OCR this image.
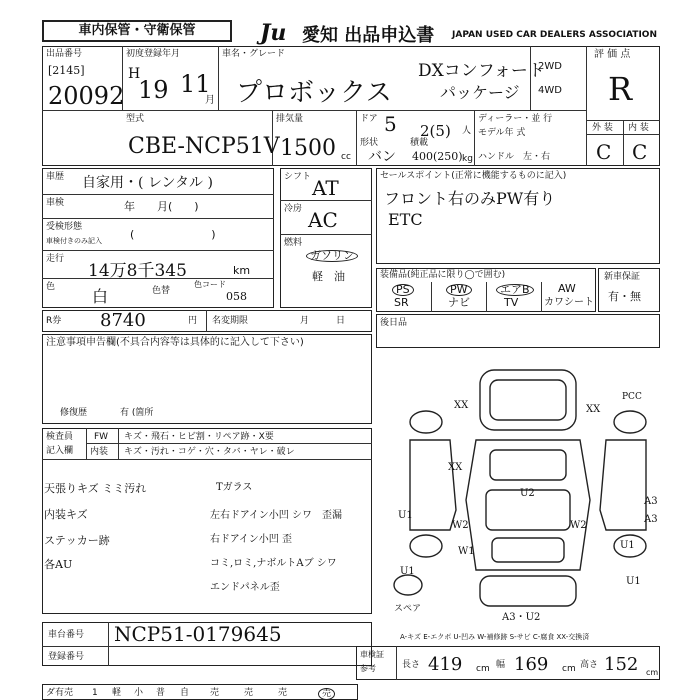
車内保管・守衛保管	Ju 愛知 出品申込書 JAPAN USED CAR DEALERS ASSOCIATION
出品番号
[2145]
20092
初度登録年月
H
19 11
月
車名・グレード
プロボックス
DXコンフォート
パッケージ
2WD
4WD
評 価 点
R
型式
CBE-NCP51V
排気量
1500 cc
ドア 5
形状
バン
2(5) 人
積載
400(250) kg
ディーラー・並 行
モデル年 式
ハンドル　左・右
外 装 内 装
C C
車歴 自家用・( レンタル )
車検	年　　月(　　)
受検形態
車検付きのみ記入	(　　　　　　　)
走行
14万8千345	km
色 白	色替
色コード
058
シフト AT
冷房 AC
燃料
ガソリン
軽　油
セールスポイント(正常に機能するものに記入)
フロント右のみPW有り
ETC
装備品(純正品に限り◯で囲む)
PS	PW	エアB	AW
SR	ナビ	TV	カワシート
新車保証
有・無
R券 8740	円 名変期限	月　　　日	後日品
注意事項申告欄(不具合内容等は具体的に記入して下さい)
修復歴	有 (箇所
検査員
記入欄
FW キズ・飛石・ヒビ割・リペア跡・X要
内装 キズ・汚れ・コゲ・穴・タバ・ヤレ・破レ
天張りキズ ミミ汚れ
内装キズ
ステッカー跡
各AU
Tガラス
左右ドアイン小凹 シワ　歪漏
右ドアイン小凹 歪
コミ,ロミ,ナボルトAブ シワ
エンドパネル歪
XX	XX
PCC
XX
U2
U1
W2	W2
W1
A3
A3
U1
U1
U1
A3・U2
スペア
A-キズ E-エクボ U-凹み W-補修跡 S-サビ C-腐食 XX-交換済
車台番号 NCP51-0179645
登録番号	車検証
参考	長さ 419 cm 幅 169 cm 高さ 152 cm
ダ有売 1 軽 小 普 自 売	売	売	売
